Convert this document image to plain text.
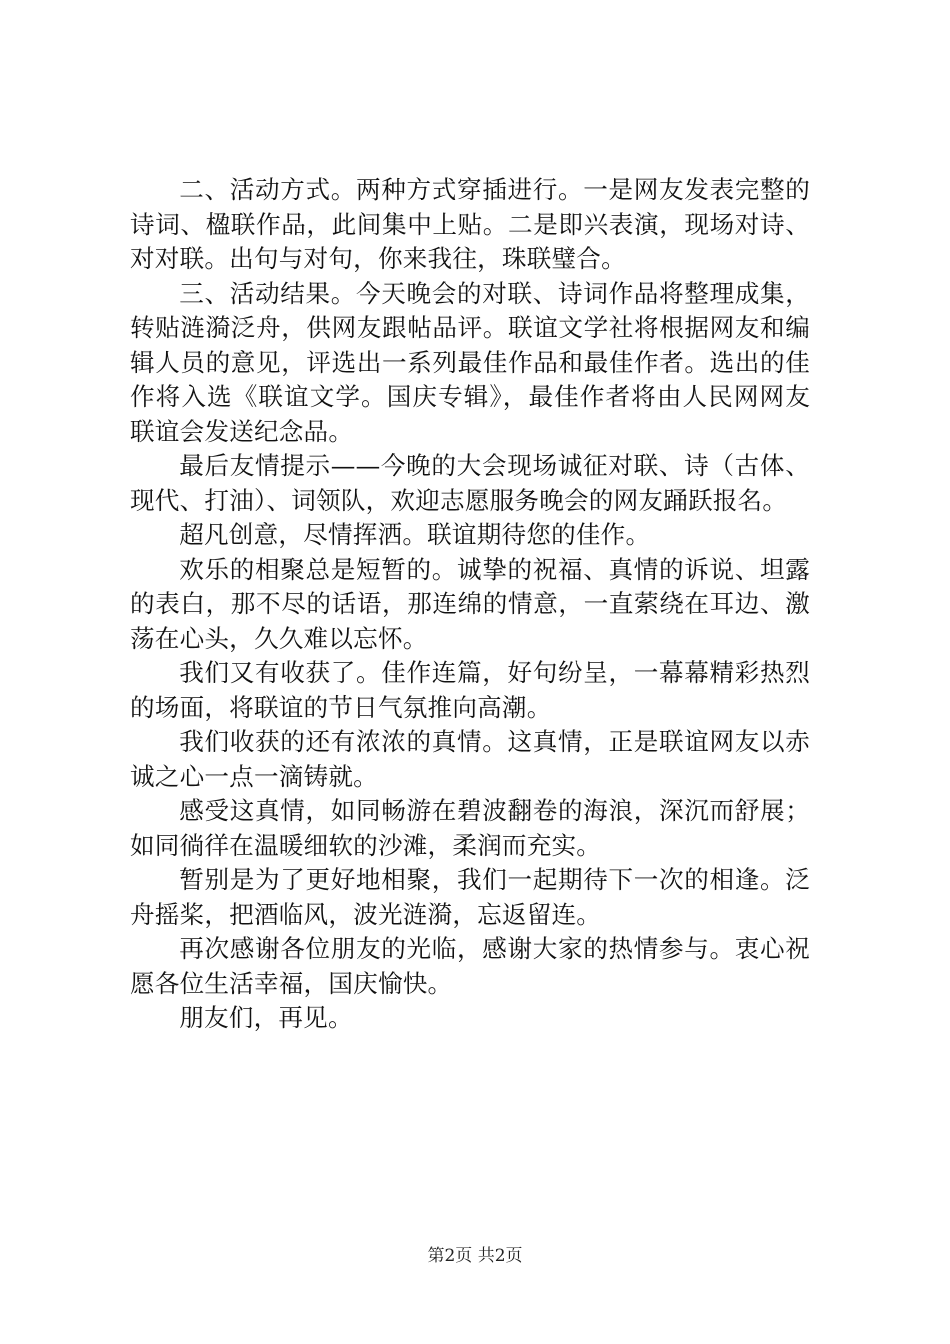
二、活动方式。两种方式穿插进行。一是网友发表完整的诗词、楹联作品，此间集中上贴。二是即兴表演，现场对诗、对对联。出句与对句，你来我往，珠联璧合。

三、活动结果。今天晚会的对联、诗词作品将整理成集，转贴涟漪泛舟，供网友跟帖品评。联谊文学社将根据网友和编辑人员的意见，评选出一系列最佳作品和最佳作者。选出的佳作将入选《联谊文学。国庆专辑》，最佳作者将由人民网网友联谊会发送纪念品。

最后友情提示——今晚的大会现场诚征对联、诗（古体、现代、打油）、词领队，欢迎志愿服务晚会的网友踊跃报名。

超凡创意，尽情挥洒。联谊期待您的佳作。

欢乐的相聚总是短暂的。诚挚的祝福、真情的诉说、坦露的表白，那不尽的话语，那连绵的情意，一直萦绕在耳边、激荡在心头，久久难以忘怀。

我们又有收获了。佳作连篇，好句纷呈，一幕幕精彩热烈的场面，将联谊的节日气氛推向高潮。

我们收获的还有浓浓的真情。这真情，正是联谊网友以赤诚之心一点一滴铸就。

感受这真情，如同畅游在碧波翻卷的海浪，深沉而舒展；如同徜徉在温暖细软的沙滩，柔润而充实。

暂别是为了更好地相聚，我们一起期待下一次的相逢。泛舟摇桨，把酒临风，波光涟漪，忘返留连。

再次感谢各位朋友的光临，感谢大家的热情参与。衷心祝愿各位生活幸福，国庆愉快。

朋友们，再见。

第2页 共2页
